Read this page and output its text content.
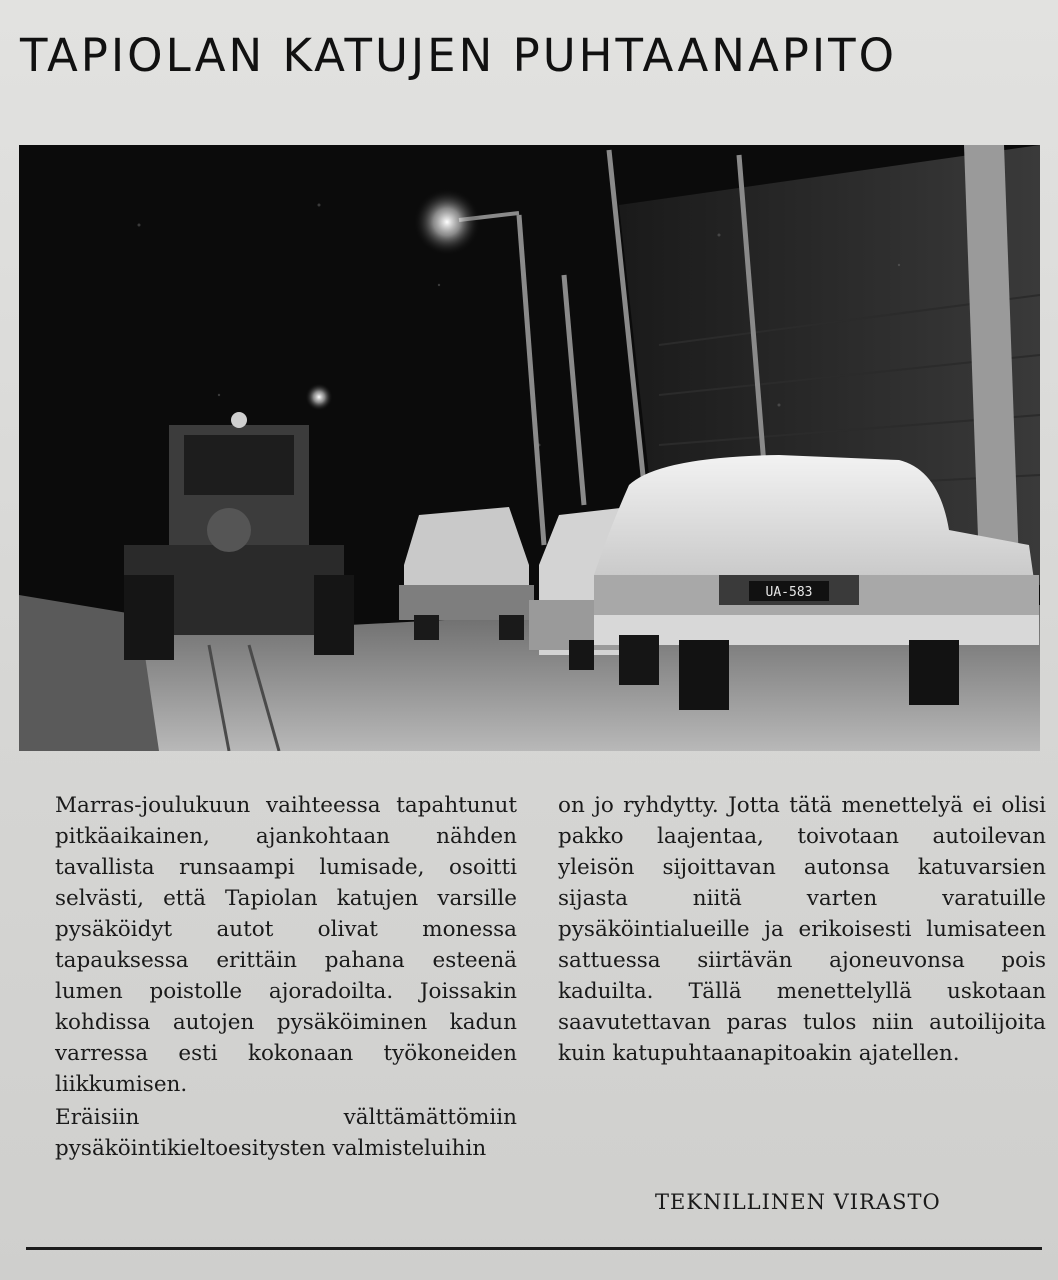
TAPIOLAN KATUJEN PUHTAANAPITO
UA-583

Marras-joulukuun vaihteessa tapahtunut pitkäaikainen, ajankohtaan nähden tavallista runsaampi lumisade, osoitti selvästi, että Tapiolan katujen varsille pysäköidyt autot olivat monessa tapauksessa erittäin pahana esteenä lumen poistolle ajoradoilta. Joissakin kohdissa autojen pysäköiminen kadun varressa esti kokonaan työkoneiden liikkumisen.

Eräisiin välttämättömiin pysäköintikieltoesitysten valmisteluihin

on jo ryhdytty. Jotta tätä menettelyä ei olisi pakko laajentaa, toivotaan autoilevan yleisön sijoittavan autonsa katuvarsien sijasta niitä varten varatuille pysäköintialueille ja erikoisesti lumisateen sattuessa siirtävän ajoneuvonsa pois kaduilta. Tällä menettelyllä uskotaan saavutettavan paras tulos niin autoilijoita kuin katupuhtaanapitoakin ajatellen.

TEKNILLINEN VIRASTO
